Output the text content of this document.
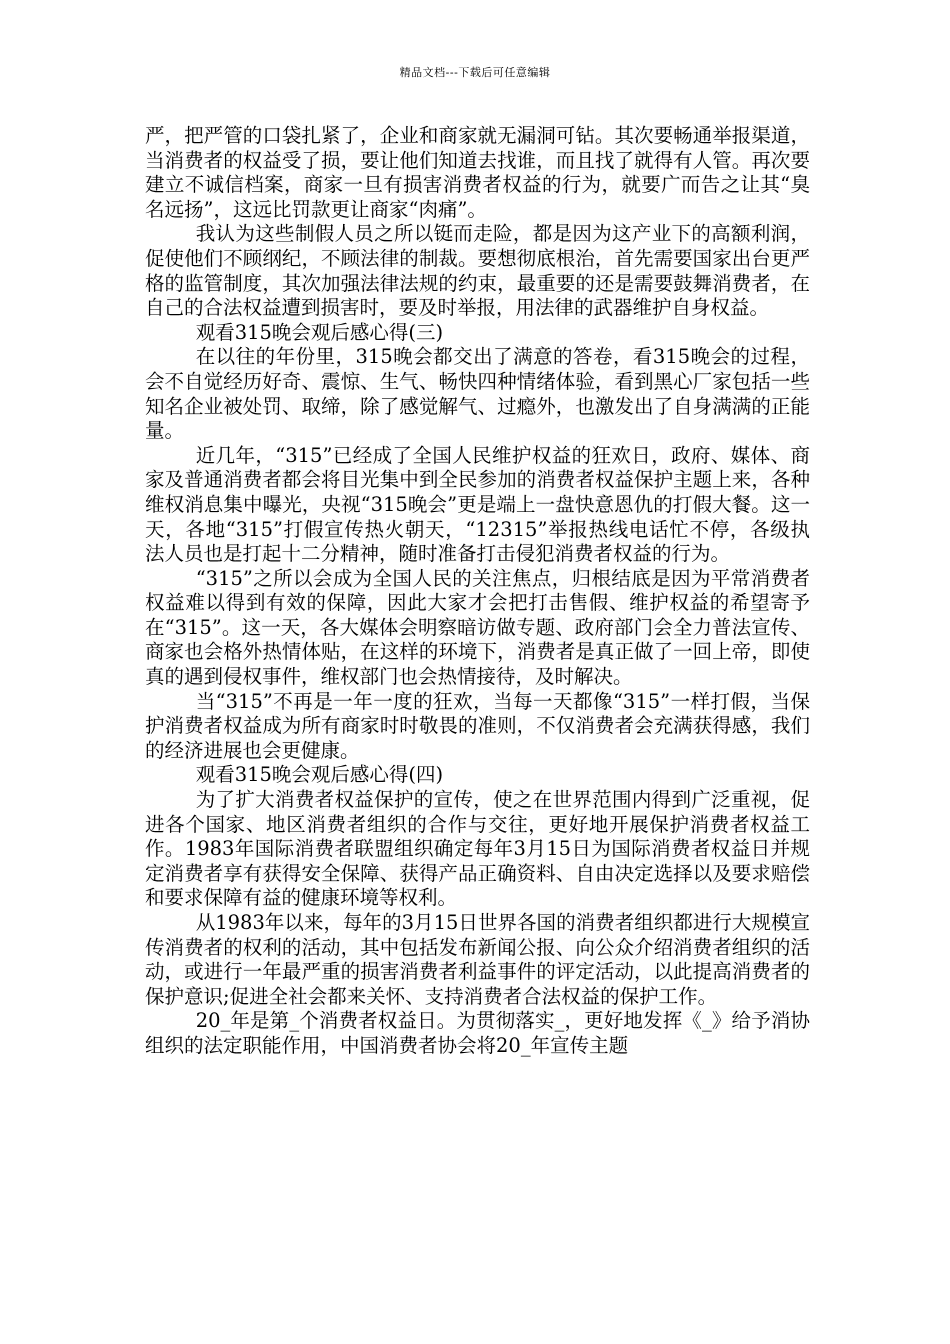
精品文档---下载后可任意编辑

严，把严管的口袋扎紧了，企业和商家就无漏洞可钻。其次要畅通举报渠道，当消费者的权益受了损，要让他们知道去找谁，而且找了就得有人管。再次要建立不诚信档案，商家一旦有损害消费者权益的行为，就要广而告之让其“臭名远扬”，这远比罚款更让商家“肉痛”。

我认为这些制假人员之所以铤而走险，都是因为这产业下的高额利润，促使他们不顾纲纪，不顾法律的制裁。要想彻底根治，首先需要国家出台更严格的监管制度，其次加强法律法规的约束，最重要的还是需要鼓舞消费者，在自己的合法权益遭到损害时，要及时举报，用法律的武器维护自身权益。

观看315晚会观后感心得(三)

在以往的年份里，315晚会都交出了满意的答卷，看315晚会的过程，会不自觉经历好奇、震惊、生气、畅快四种情绪体验，看到黑心厂家包括一些知名企业被处罚、取缔，除了感觉解气、过瘾外，也激发出了自身满满的正能量。

近几年，“315”已经成了全国人民维护权益的狂欢日，政府、媒体、商家及普通消费者都会将目光集中到全民参加的消费者权益保护主题上来，各种维权消息集中曝光，央视“315晚会”更是端上一盘快意恩仇的打假大餐。这一天，各地“315”打假宣传热火朝天，“12315”举报热线电话忙不停，各级执法人员也是打起十二分精神，随时准备打击侵犯消费者权益的行为。

“315”之所以会成为全国人民的关注焦点，归根结底是因为平常消费者权益难以得到有效的保障，因此大家才会把打击售假、维护权益的希望寄予在“315”。这一天，各大媒体会明察暗访做专题、政府部门会全力普法宣传、商家也会格外热情体贴，在这样的环境下，消费者是真正做了一回上帝，即使真的遇到侵权事件，维权部门也会热情接待，及时解决。

当“315”不再是一年一度的狂欢，当每一天都像“315”一样打假，当保护消费者权益成为所有商家时时敬畏的准则，不仅消费者会充满获得感，我们的经济进展也会更健康。

观看315晚会观后感心得(四)

为了扩大消费者权益保护的宣传，使之在世界范围内得到广泛重视，促进各个国家、地区消费者组织的合作与交往，更好地开展保护消费者权益工作。1983年国际消费者联盟组织确定每年3月15日为国际消费者权益日并规定消费者享有获得安全保障、获得产品正确资料、自由决定选择以及要求赔偿和要求保障有益的健康环境等权利。

从1983年以来，每年的3月15日世界各国的消费者组织都进行大规模宣传消费者的权利的活动，其中包括发布新闻公报、向公众介绍消费者组织的活动，或进行一年最严重的损害消费者利益事件的评定活动，以此提高消费者的保护意识;促进全社会都来关怀、支持消费者合法权益的保护工作。

20_年是第_个消费者权益日。为贯彻落实_，更好地发挥《_》给予消协组织的法定职能作用，中国消费者协会将20_年宣传主题
